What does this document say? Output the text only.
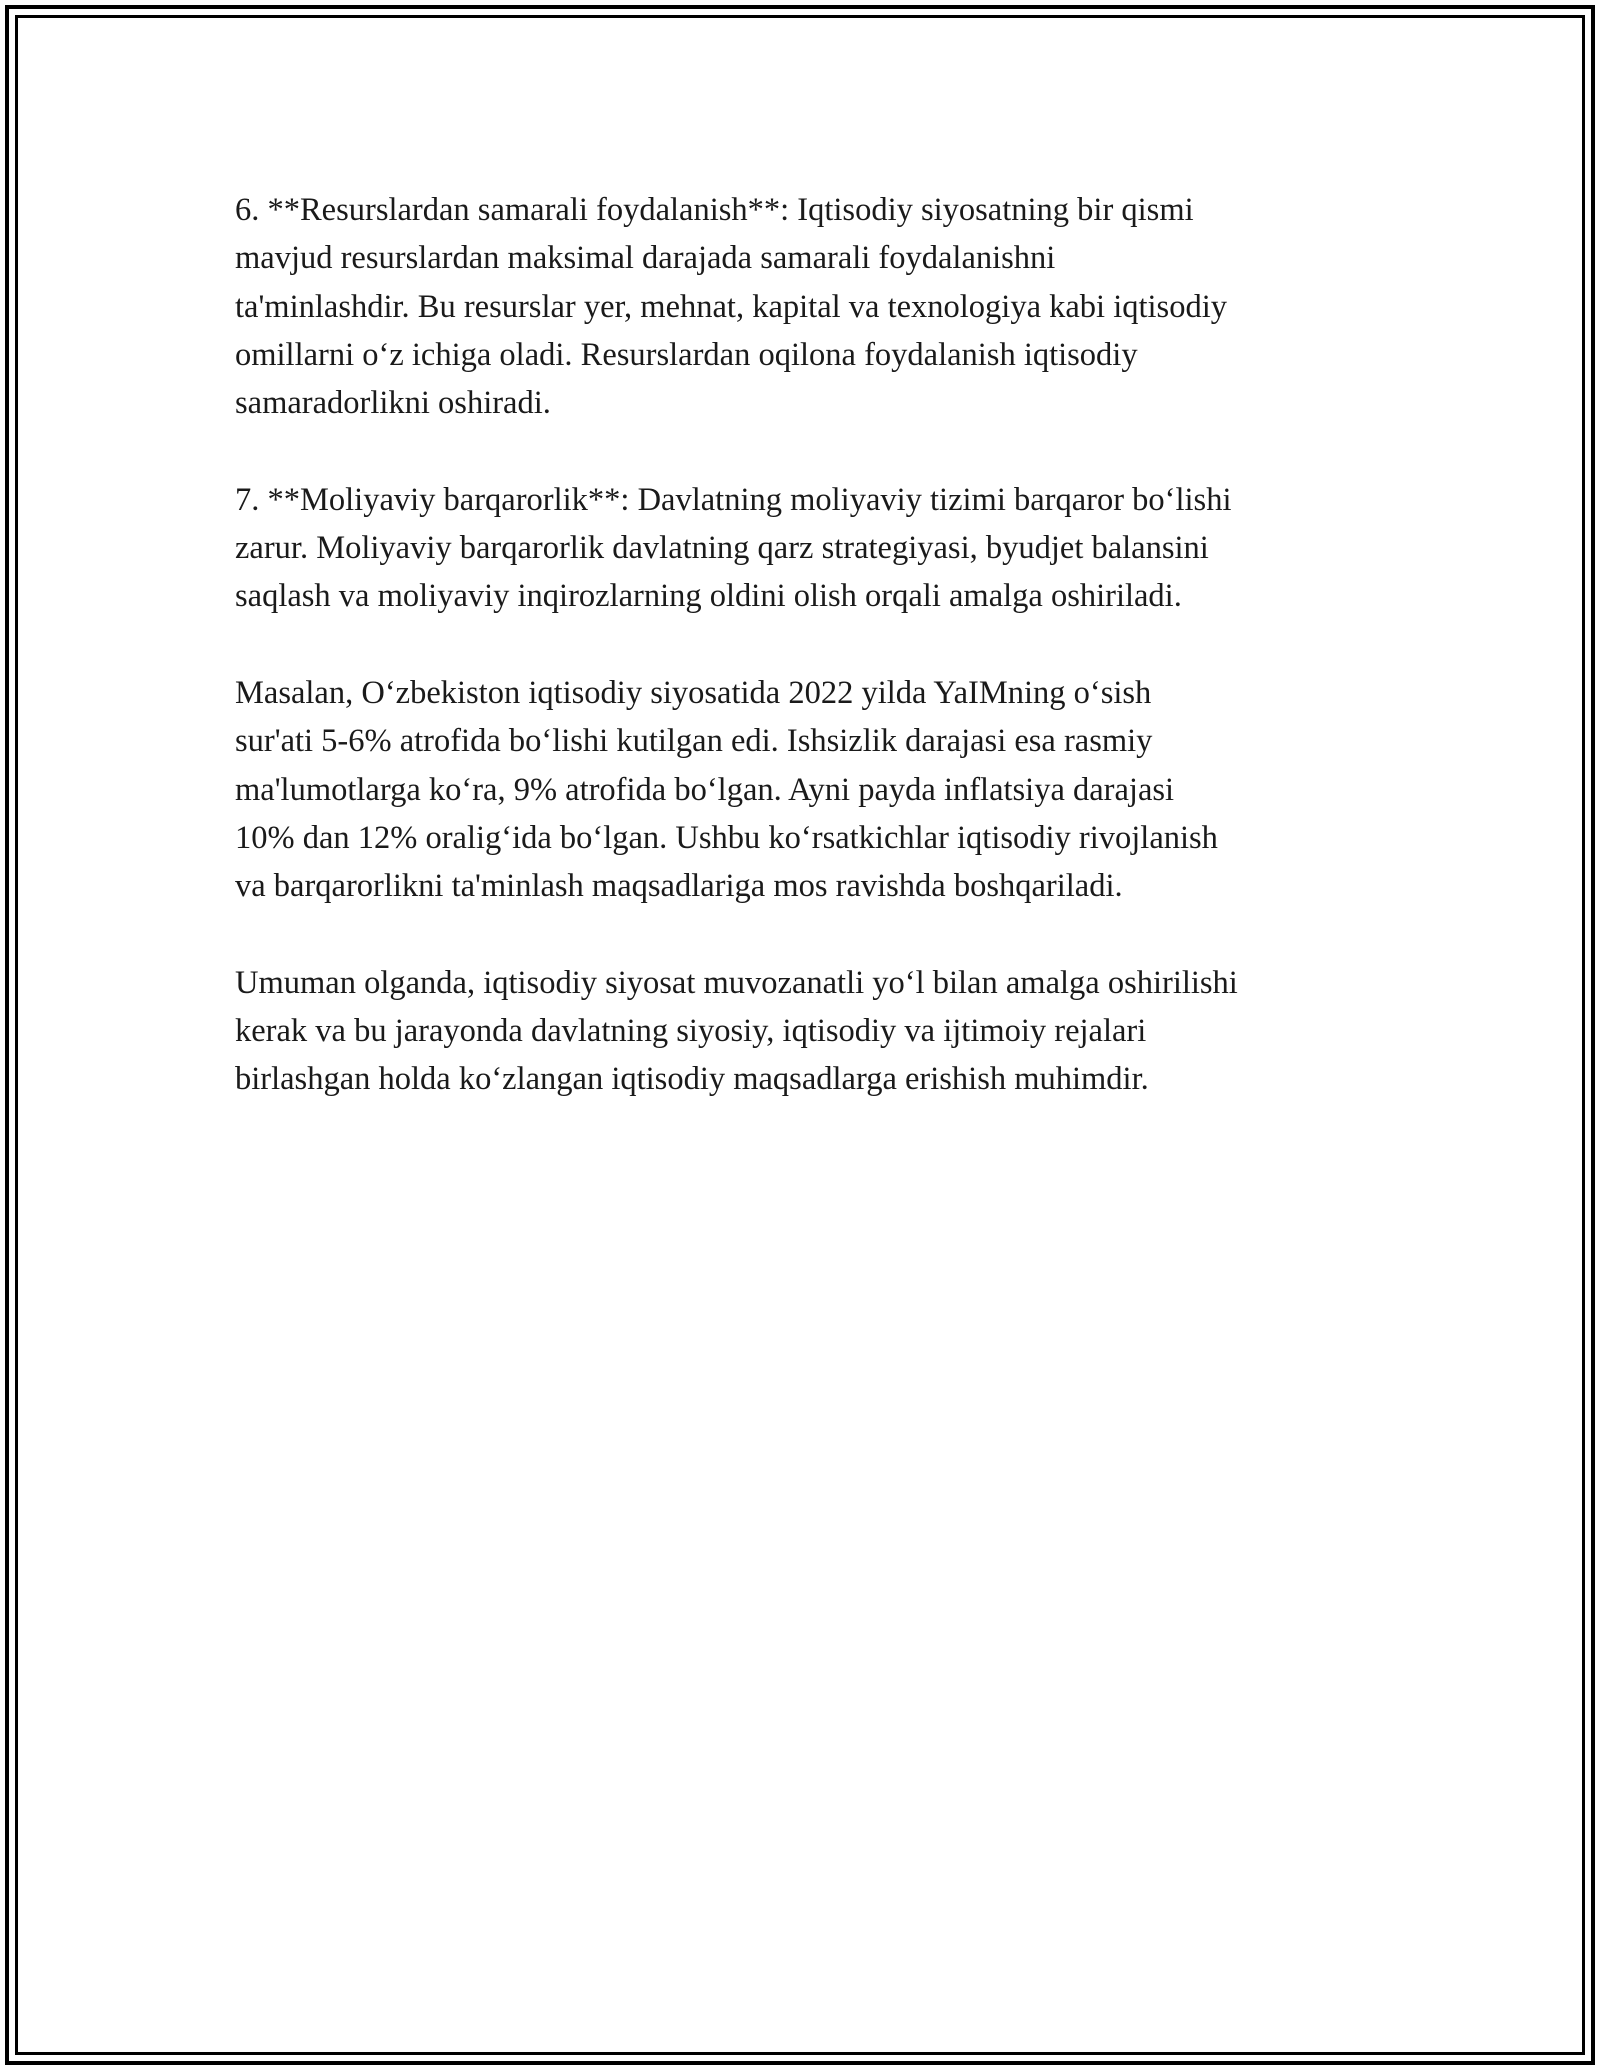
6. **Resurslardan samarali foydalanish**: Iqtisodiy siyosatning bir qismi
mavjud resurslardan maksimal darajada samarali foydalanishni
ta'minlashdir. Bu resurslar yer, mehnat, kapital va texnologiya kabi iqtisodiy
omillarni o‘z ichiga oladi. Resurslardan oqilona foydalanish iqtisodiy
samaradorlikni oshiradi.

7. **Moliyaviy barqarorlik**: Davlatning moliyaviy tizimi barqaror bo‘lishi
zarur. Moliyaviy barqarorlik davlatning qarz strategiyasi, byudjet balansini
saqlash va moliyaviy inqirozlarning oldini olish orqali amalga oshiriladi.

Masalan, O‘zbekiston iqtisodiy siyosatida 2022 yilda YaIMning o‘sish
sur'ati 5-6% atrofida bo‘lishi kutilgan edi. Ishsizlik darajasi esa rasmiy
ma'lumotlarga ko‘ra, 9% atrofida bo‘lgan. Ayni payda inflatsiya darajasi
10% dan 12% oralig‘ida bo‘lgan. Ushbu ko‘rsatkichlar iqtisodiy rivojlanish
va barqarorlikni ta'minlash maqsadlariga mos ravishda boshqariladi.

Umuman olganda, iqtisodiy siyosat muvozanatli yo‘l bilan amalga oshirilishi
kerak va bu jarayonda davlatning siyosiy, iqtisodiy va ijtimoiy rejalari
birlashgan holda ko‘zlangan iqtisodiy maqsadlarga erishish muhimdir.
